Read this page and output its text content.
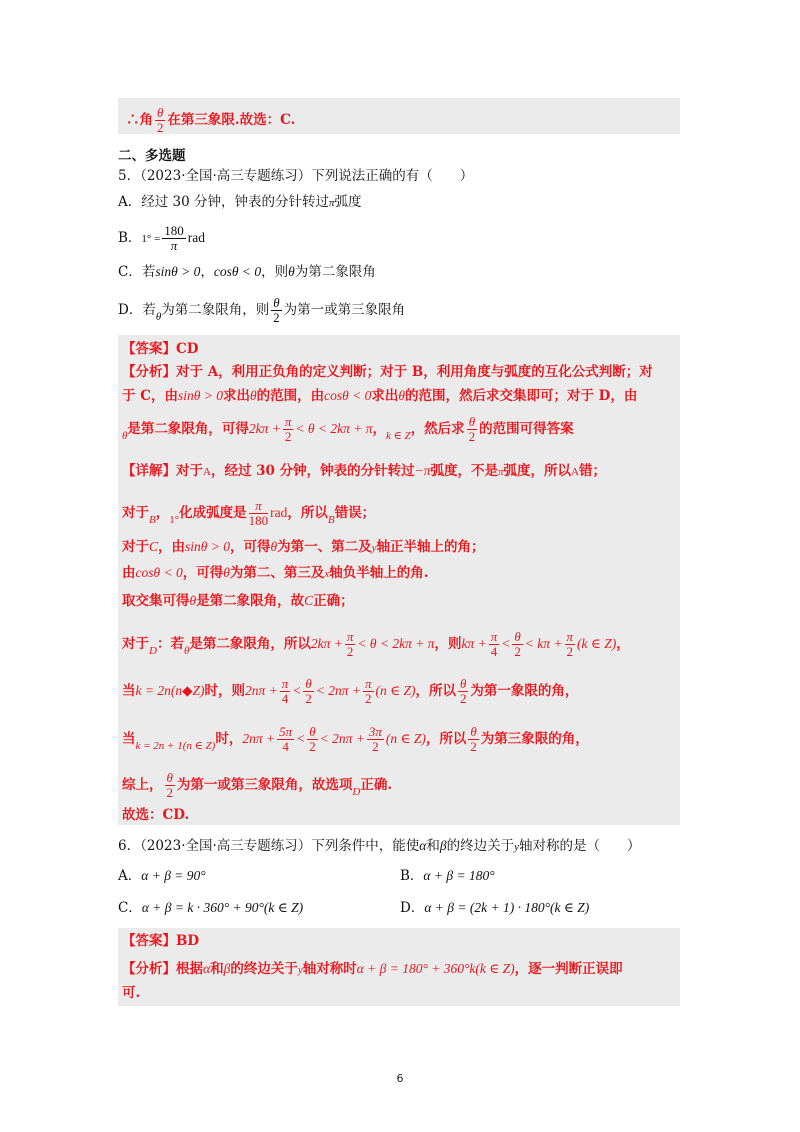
∴角 $\frac{\theta}{2}$ 在第三象限.故选：C.
二、多选题
5．（2023·全国·高三专题练习）下列说法正确的有（　　）
A．经过 30 分钟，钟表的分针转过π弧度
B．$1^\circ = \frac{180}{\pi}$ rad
C．若sinθ > 0，cosθ < 0，则θ为第二象限角
D．若$_\theta$为第二象限角，则 $\frac{\theta}{2}$ 为第一或第三象限角
【答案】CD
【分析】对于 A，利用正负角的定义判断；对于 B，利用角度与弧度的互化公式判断；对
于 C，由sinθ > 0求出θ的范围，由cosθ < 0求出θ的范围，然后求交集即可；对于 D，由
$_\theta$是第二象限角，可得$2k\pi + \frac{\pi}{2} < \theta < 2k\pi + \pi$，$_{k \in Z}$，然后求 $\frac{\theta}{2}$ 的范围可得答案
【详解】对于A，经过 30 分钟，钟表的分针转过−π弧度，不是π弧度，所以A错；
对于$_B$，$_{1^\circ}$化成弧度是 $\frac{\pi}{180}$ rad，所以$_B$错误；
对于C，由sinθ > 0，可得θ为第一、第二及y轴正半轴上的角；
由cosθ < 0，可得θ为第二、第三及x轴负半轴上的角.
取交集可得θ是第二象限角，故C正确；
对于$_D$：若$_\theta$是第二象限角，所以$2k\pi + \frac{\pi}{2} < \theta < 2k\pi + \pi$，则$k\pi + \frac{\pi}{4} < \frac{\theta}{2} < k\pi + \frac{\pi}{2} (k$ ∈ Z)，
当k = 2n(n◆Z)时，则$2n\pi + \frac{\pi}{4} < \frac{\theta}{2} < 2n\pi + \frac{\pi}{2} (n$ ∈ Z)，所以 $\frac{\theta}{2}$ 为第一象限的角，
当$_{k = 2n + 1(n \in Z)}$时，$2n\pi + \frac{5\pi}{4} < \frac{\theta}{2} < 2n\pi + \frac{3\pi}{2} (n$ ∈ Z)，所以 $\frac{\theta}{2}$ 为第三象限的角，
综上， $\frac{\theta}{2}$ 为第一或第三象限角，故选项$_D$正确.
故选：CD.
6．（2023·全国·高三专题练习）下列条件中，能使α和β的终边关于y轴对称的是（　　）
A．α + β = 90°	B．α + β = 180°
C．α + β = k · 360° + 90°(k ∈ Z)	D．α + β = (2k + 1) · 180°(k ∈ Z)
【答案】BD
【分析】根据α和β的终边关于y轴对称时α + β = 180° + 360°k(k ∈ Z)，逐一判断正误即
可.
6
